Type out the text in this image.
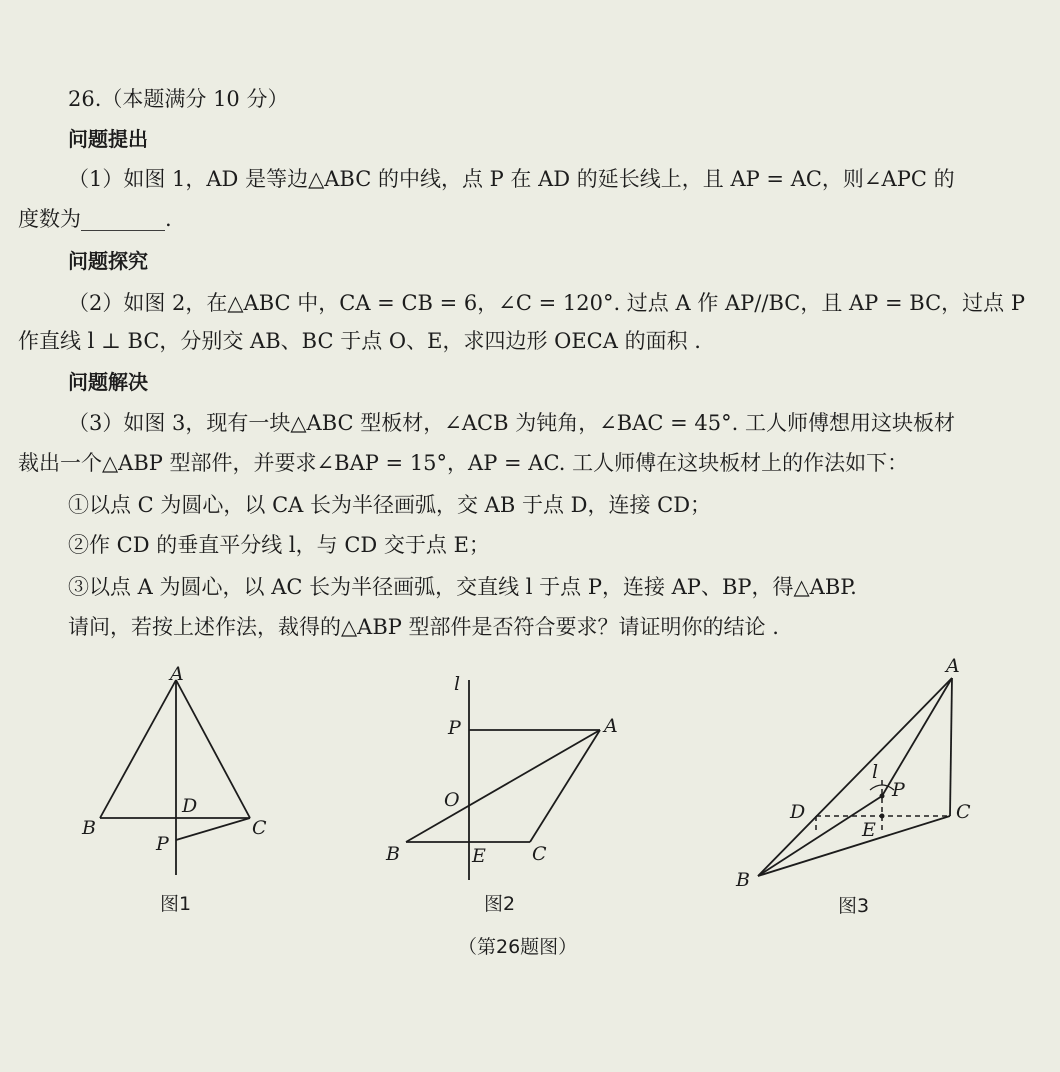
26.（本题满分 10 分）
问题提出
（1）如图 1，AD 是等边△ABC 的中线，点 P 在 AD 的延长线上，且 AP = AC，则∠APC 的
度数为________.
问题探究
（2）如图 2，在△ABC 中，CA = CB = 6，∠C = 120°. 过点 A 作 AP//BC，且 AP = BC，过点 P
作直线 l ⊥ BC，分别交 AB、BC 于点 O、E，求四边形 OECA 的面积 .
问题解决
（3）如图 3，现有一块△ABC 型板材，∠ACB 为钝角，∠BAC = 45°. 工人师傅想用这块板材
裁出一个△ABP 型部件，并要求∠BAP = 15°，AP = AC. 工人师傅在这块板材上的作法如下：
①以点 C 为圆心，以 CA 长为半径画弧，交 AB 于点 D，连接 CD；
②作 CD 的垂直平分线 l，与 CD 交于点 E；
③以点 A 为圆心，以 AC 长为半径画弧，交直线 l 于点 P，连接 AP、BP，得△ABP.
请问，若按上述作法，裁得的△ABP 型部件是否符合要求？请证明你的结论 .
A
B	C
D
P
图1
l
P	A
O
B	E C
图2
A
l
P
D
E
C
B
图3
（第26题图）
